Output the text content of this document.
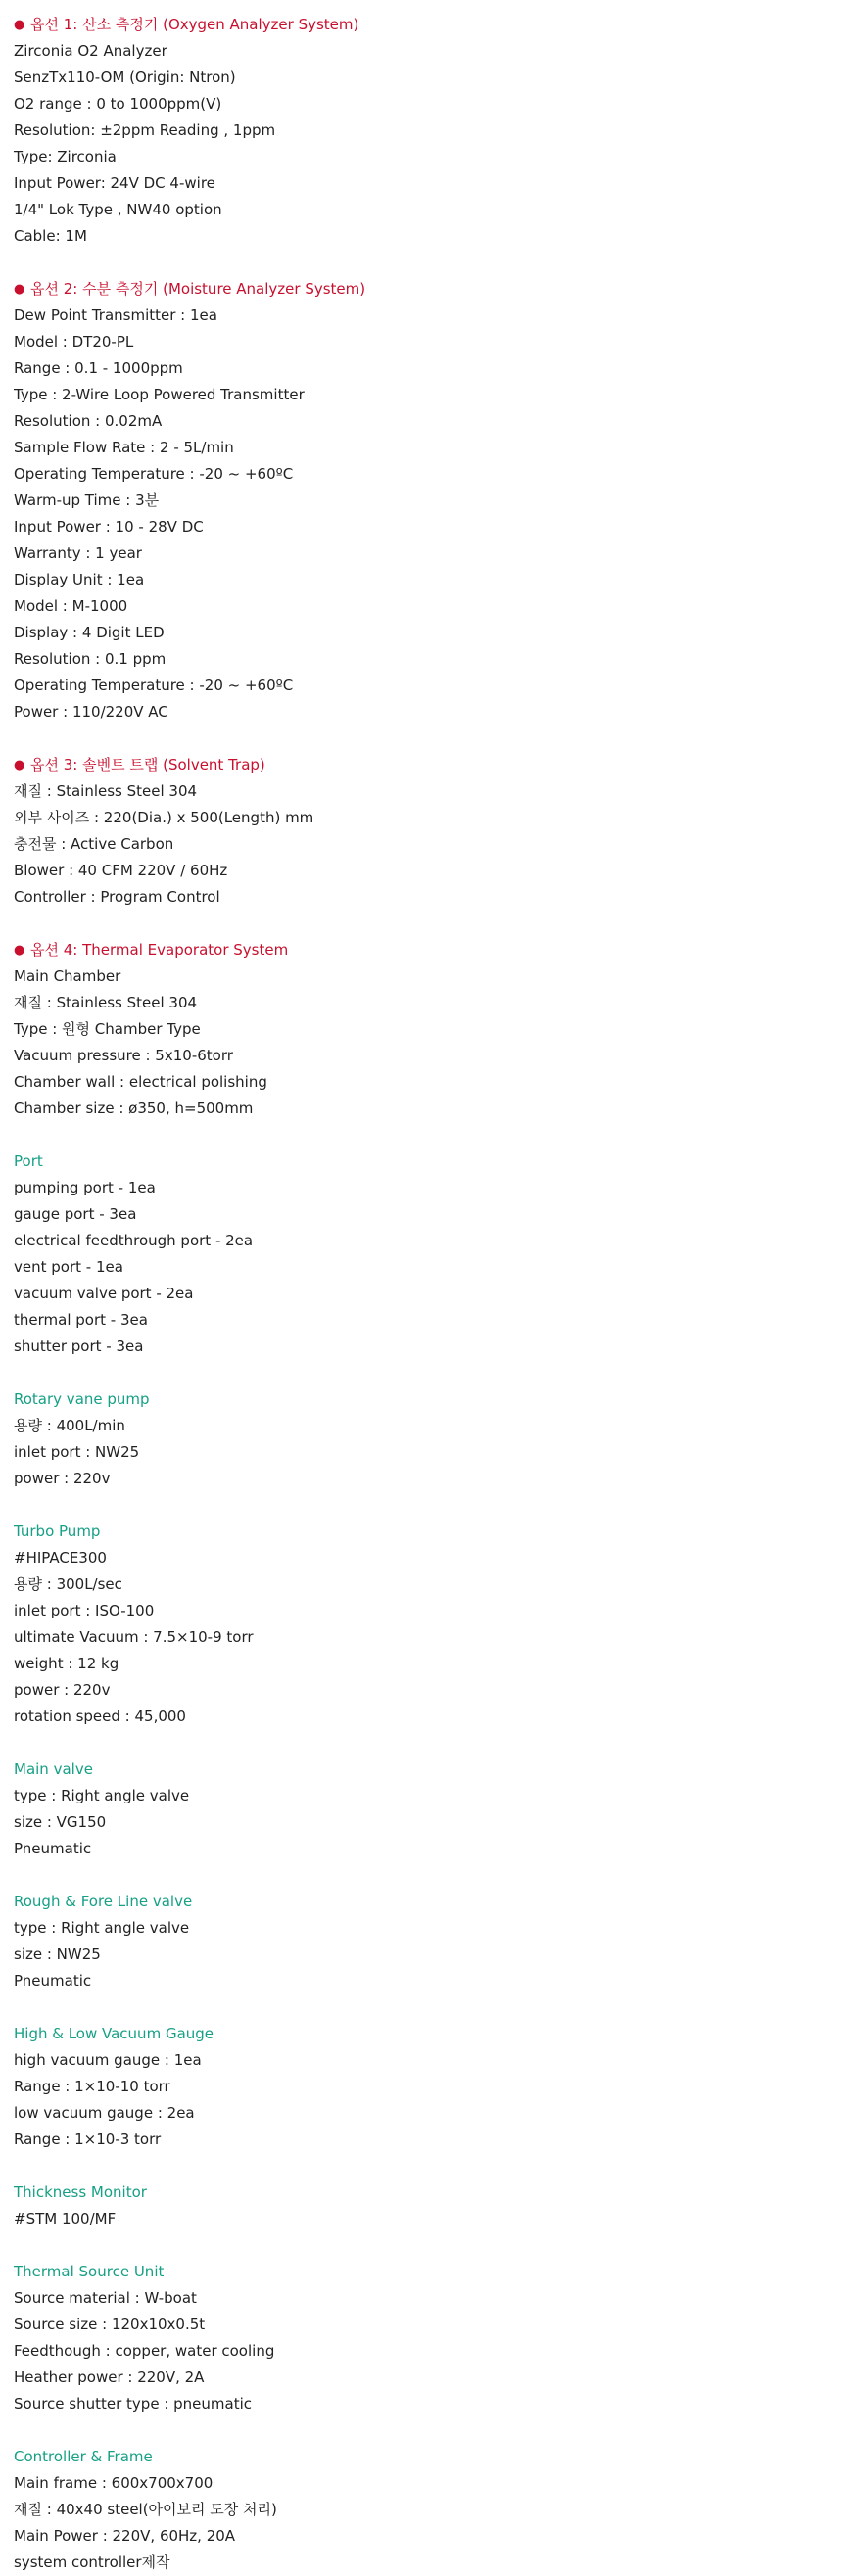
● 옵션 1: 산소 측정기 (Oxygen Analyzer System)
Zirconia O2 Analyzer
SenzTx110-OM (Origin: Ntron)
O2 range : 0 to 1000ppm(V)
Resolution: ±2ppm Reading , 1ppm
Type: Zirconia
Input Power: 24V DC 4-wire
1/4" Lok Type , NW40 option
Cable: 1M
● 옵션 2: 수분 측정기 (Moisture Analyzer System)
Dew Point Transmitter : 1ea
Model : DT20-PL
Range : 0.1 - 1000ppm
Type : 2-Wire Loop Powered Transmitter
Resolution : 0.02mA
Sample Flow Rate : 2 - 5L/min
Operating Temperature : -20 ~ +60ºC
Warm-up Time : 3분
Input Power : 10 - 28V DC
Warranty : 1 year
Display Unit : 1ea
Model : M-1000
Display : 4 Digit LED
Resolution : 0.1 ppm
Operating Temperature : -20 ~ +60ºC
Power : 110/220V AC
● 옵션 3: 솔벤트 트랩 (Solvent Trap)
재질 : Stainless Steel 304
외부 사이즈 : 220(Dia.) x 500(Length) mm
충전물 : Active Carbon
Blower : 40 CFM 220V / 60Hz
Controller : Program Control
● 옵션 4: Thermal Evaporator System
Main Chamber
재질 : Stainless Steel 304
Type : 원형 Chamber Type
Vacuum pressure : 5x10-6torr
Chamber wall : electrical polishing
Chamber size : ø350, h=500mm
Port
pumping port - 1ea
gauge port - 3ea
electrical feedthrough port - 2ea
vent port - 1ea
vacuum valve port - 2ea
thermal port - 3ea
shutter port - 3ea
Rotary vane pump
용량 : 400L/min
inlet port : NW25
power : 220v
Turbo Pump
#HIPACE300
용량 : 300L/sec
inlet port : ISO-100
ultimate Vacuum : 7.5×10-9 torr
weight : 12 kg
power : 220v
rotation speed : 45,000
Main valve
type : Right angle valve
size : VG150
Pneumatic
Rough & Fore Line valve
type : Right angle valve
size : NW25
Pneumatic
High & Low Vacuum Gauge
high vacuum gauge : 1ea
Range : 1×10-10 torr
low vacuum gauge : 2ea
Range : 1×10-3 torr
Thickness Monitor
#STM 100/MF
Thermal Source Unit
Source material : W-boat
Source size : 120x10x0.5t
Feedthough : copper, water cooling
Heather power : 220V, 2A
Source shutter type : pneumatic
Controller & Frame
Main frame : 600x700x700
재질 : 40x40 steel(아이보리 도장 처리)
Main Power : 220V, 60Hz, 20A
system controller제작
